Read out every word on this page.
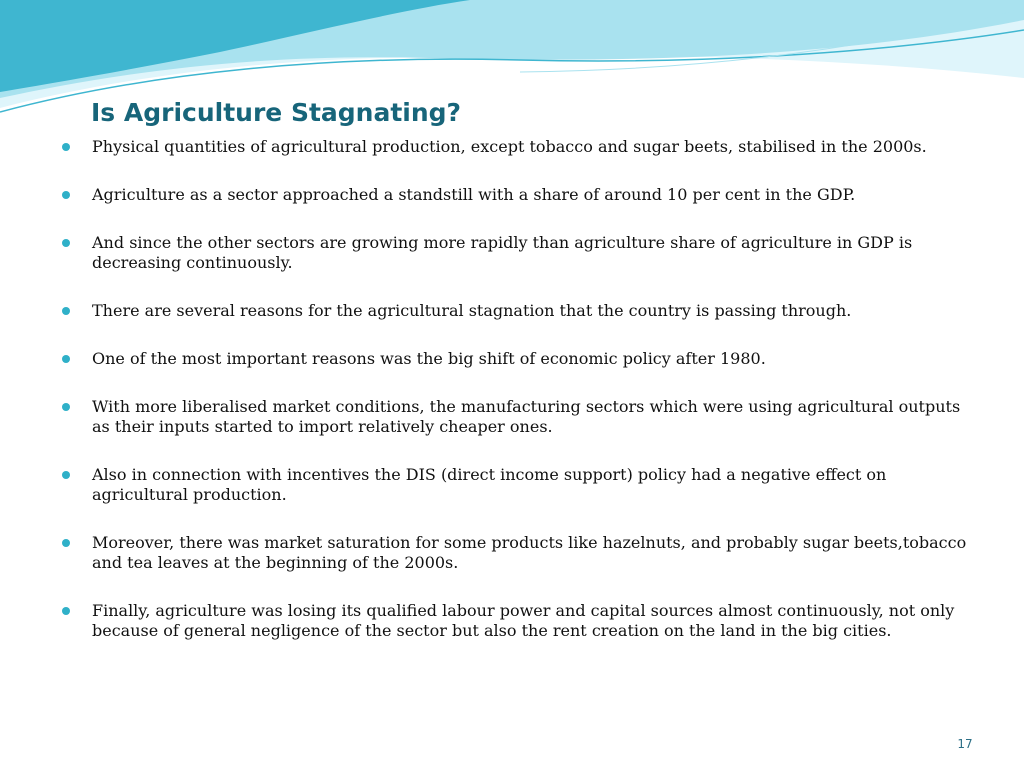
Is Agriculture Stagnating?
Physical quantities of agricultural production, except tobacco and sugar beets, stabilised in the 2000s.
Agriculture as a sector approached a standstill with a share of around 10 per cent in the GDP.
And since the other sectors are growing more rapidly than agriculture share of agriculture in GDP is decreasing continuously.
There are several reasons for the agricultural stagnation that the country is passing through.
One of the most important reasons was the big shift of economic policy after 1980.
With more liberalised market conditions, the manufacturing sectors which were using agricultural outputs as their inputs started to import relatively cheaper ones.
Also in connection with incentives the DIS (direct income support) policy had a negative effect on agricultural production.
Moreover, there was market saturation for some products like hazelnuts, and probably sugar beets,tobacco and tea leaves at the beginning of the 2000s.
Finally, agriculture was losing its qualified labour power and capital sources almost continuously, not only because of general negligence of the sector but also the rent creation on the land in the big cities.
17
